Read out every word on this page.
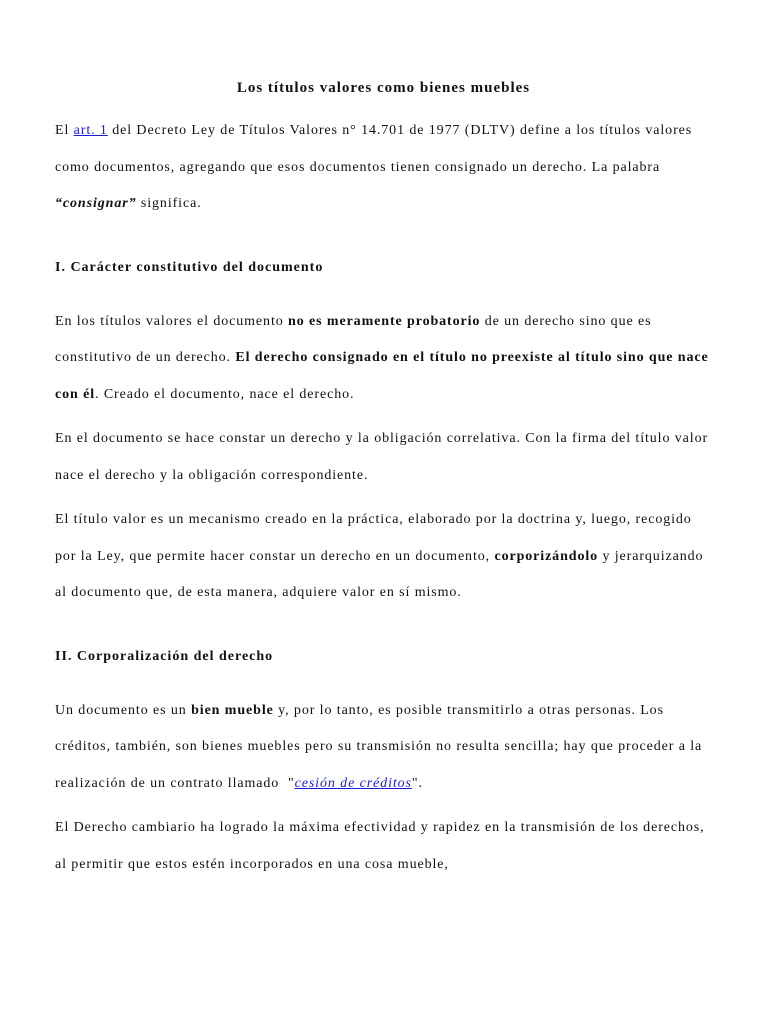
Los títulos valores como bienes muebles

El art. 1 del Decreto Ley de Títulos Valores n° 14.701 de 1977 (DLTV) define a los títulos valores como documentos, agregando que esos documentos tienen consignado un derecho. La palabra “consignar” significa.

I. Carácter constitutivo del documento

En los títulos valores el documento no es meramente probatorio de un derecho sino que es constitutivo de un derecho. El derecho consignado en el título no preexiste al título sino que nace con él. Creado el documento, nace el derecho.

En el documento se hace constar un derecho y la obligación correlativa. Con la firma del título valor nace el derecho y la obligación correspondiente.

El título valor es un mecanismo creado en la práctica, elaborado por la doctrina y, luego, recogido por la Ley, que permite hacer constar un derecho en un documento, corporizándolo y jerarquizando al documento que, de esta manera, adquiere valor en sí mismo.

II. Corporalización del derecho

Un documento es un bien mueble y, por lo tanto, es posible transmitirlo a otras personas. Los créditos, también, son bienes muebles pero su transmisión no resulta sencilla; hay que proceder a la realización de un contrato llamado  "cesión de créditos".

El Derecho cambiario ha logrado la máxima efectividad y rapidez en la transmisión de los derechos, al permitir que estos estén incorporados en una cosa mueble,
